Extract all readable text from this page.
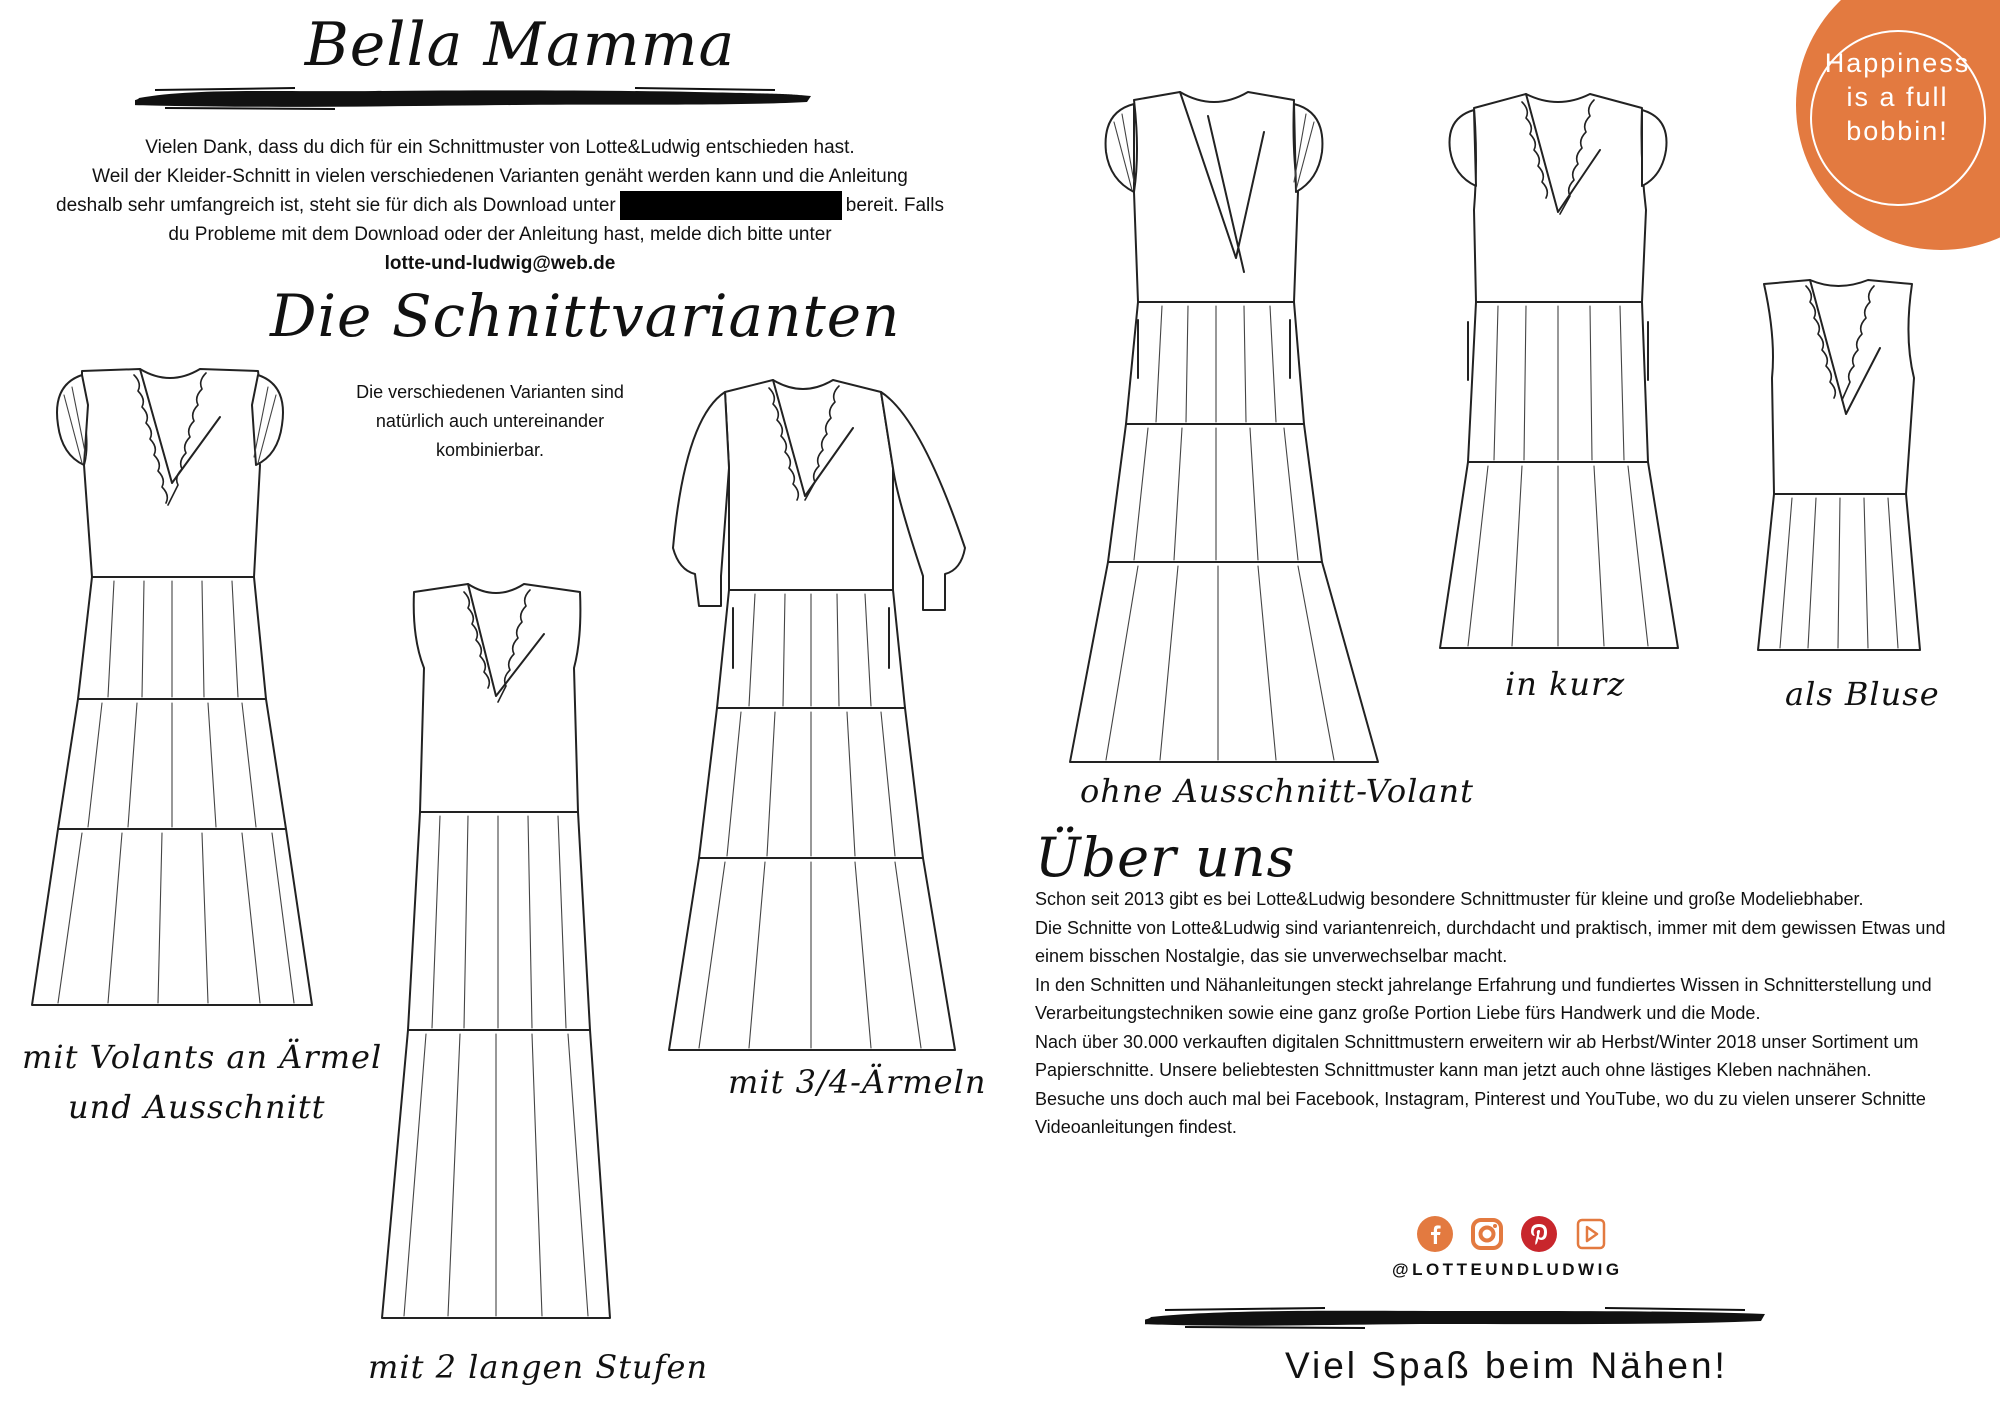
Happiness
is a full
bobbin!
Bella Mamma

Vielen Dank, dass du dich für ein Schnittmuster von Lotte&Ludwig entschieden hast.

Weil der Kleider-Schnitt in vielen verschiedenen Varianten genäht werden kann und die Anleitung

deshalb sehr umfangreich ist, steht sie für dich als Download unter	bereit. Falls

du Probleme mit dem Download oder der Anleitung hast, melde dich bitte unter

lotte-und-ludwig@web.de

Die Schnittvarianten
Die verschiedenen Varianten sind
natürlich auch untereinander
kombinierbar.
mit Volants an Ärmel
und Ausschnitt
mit 2 langen Stufen
mit 3/4-Ärmeln
ohne Ausschnitt-Volant
in kurz	als Bluse
Über uns

Schon seit 2013 gibt es bei Lotte&Ludwig besondere Schnittmuster für kleine und große Modeliebhaber.

Die Schnitte von Lotte&Ludwig sind variantenreich, durchdacht und praktisch, immer mit dem gewissen Etwas und einem bisschen Nostalgie, das sie unverwechselbar macht.

In den Schnitten und Nähanleitungen steckt jahrelange Erfahrung und fundiertes Wissen in Schnitterstellung und Verarbeitungstechniken sowie eine ganz große Portion Liebe fürs Handwerk und die Mode.

Nach über 30.000 verkauften digitalen Schnittmustern erweitern wir ab Herbst/Winter 2018 unser Sortiment um Papierschnitte. Unsere beliebtesten Schnittmuster kann man jetzt auch ohne lästiges Kleben nachnähen.

Besuche uns doch auch mal bei Facebook, Instagram, Pinterest und YouTube, wo du zu vielen unserer Schnitte Videoanleitungen findest.

@LOTTEUNDLUDWIG
Viel Spaß beim Nähen!
